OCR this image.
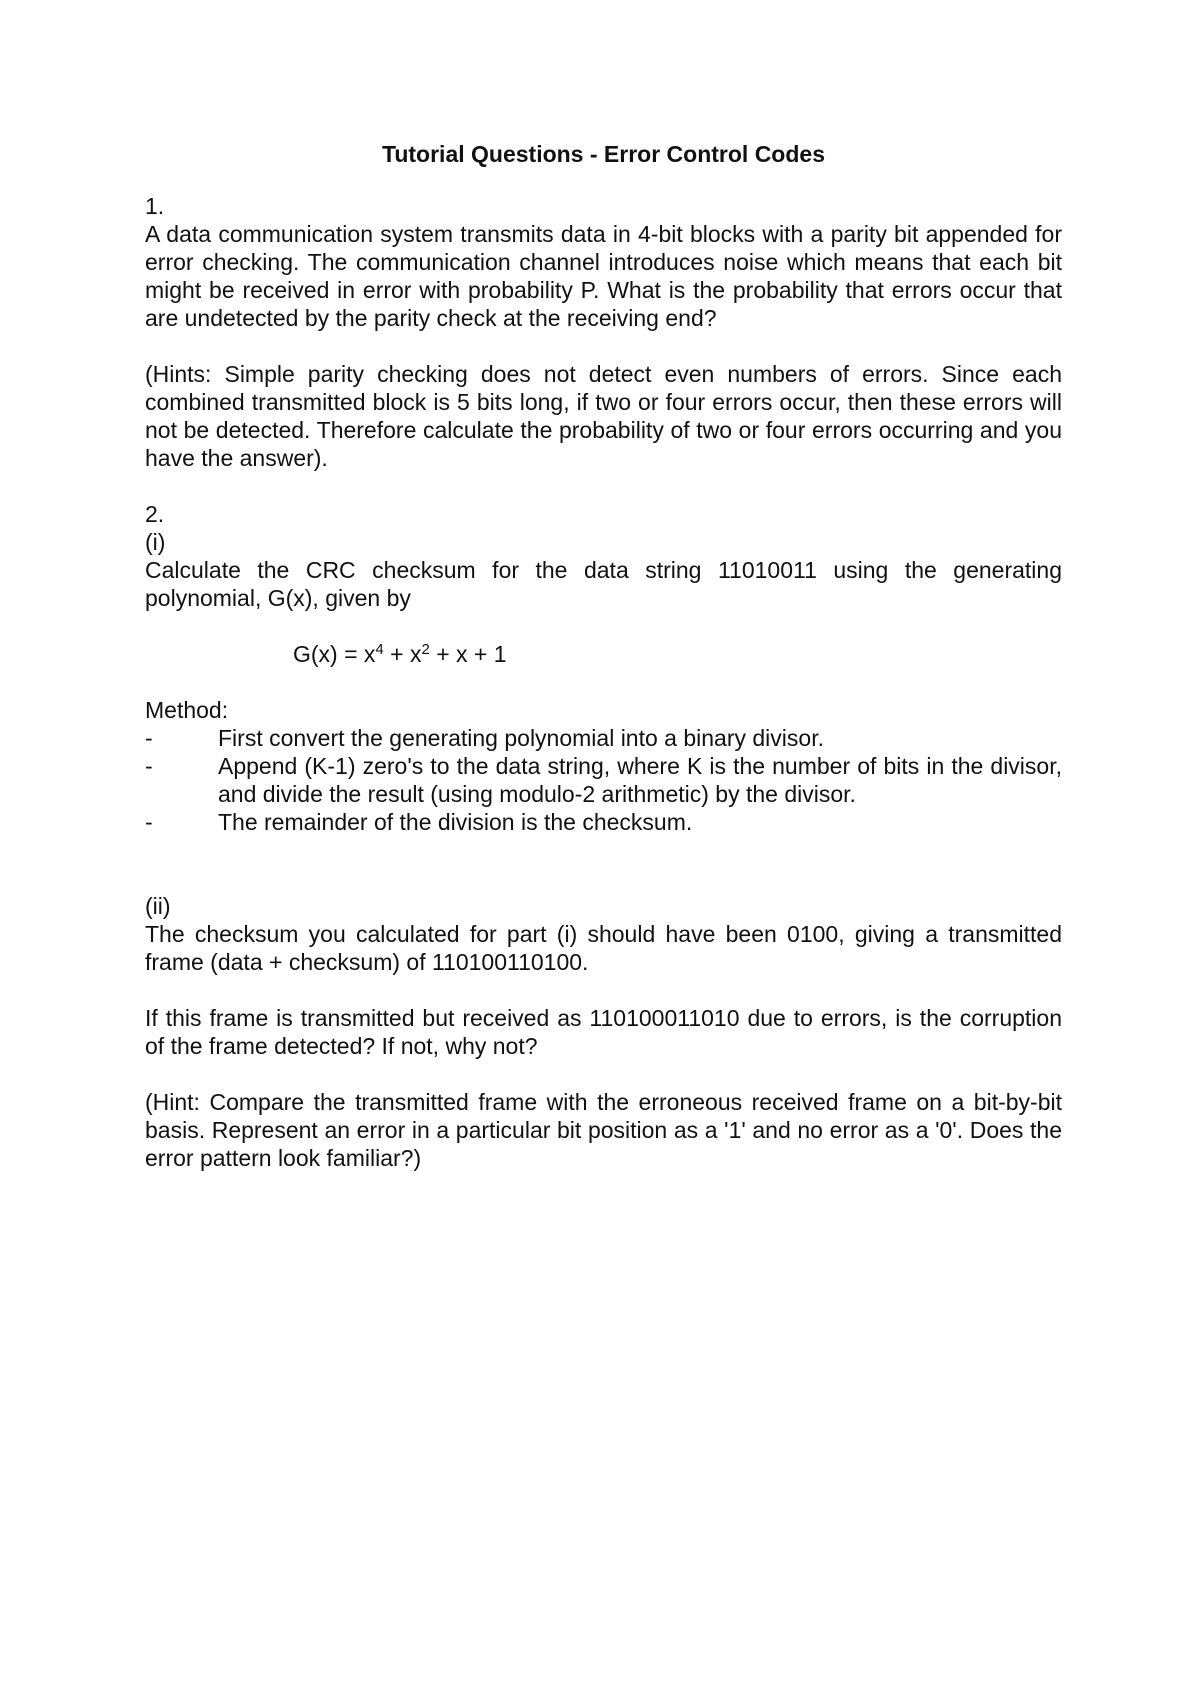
Tutorial Questions - Error Control Codes
1.

A data communication system transmits data in 4-bit blocks with a parity bit appended for error checking. The communication channel introduces noise which means that each bit might be received in error with probability P. What is the probability that errors occur that are undetected by the parity check at the receiving end?

(Hints: Simple parity checking does not detect even numbers of errors. Since each combined transmitted block is 5 bits long, if two or four errors occur, then these errors will not be detected. Therefore calculate the probability of two or four errors occurring and you have the answer).

2.
(i)

Calculate the CRC checksum for the data string 11010011 using the generating polynomial, G(x), given by

$G(x) = x^4 + x^2 + x + 1$
Method:
-	First convert the generating polynomial into a binary divisor.
-	Append (K-1) zero's to the data string, where K is the number of bits in the divisor, and divide the result (using modulo-2 arithmetic) by the divisor.
-	The remainder of the division is the checksum.
(ii)

The checksum you calculated for part (i) should have been 0100, giving a transmitted frame (data + checksum) of 110100110100.

If this frame is transmitted but received as 110100011010 due to errors, is the corruption of the frame detected? If not, why not?

(Hint: Compare the transmitted frame with the erroneous received frame on a bit-by-bit basis. Represent an error in a particular bit position as a '1' and no error as a '0'. Does the error pattern look familiar?)
